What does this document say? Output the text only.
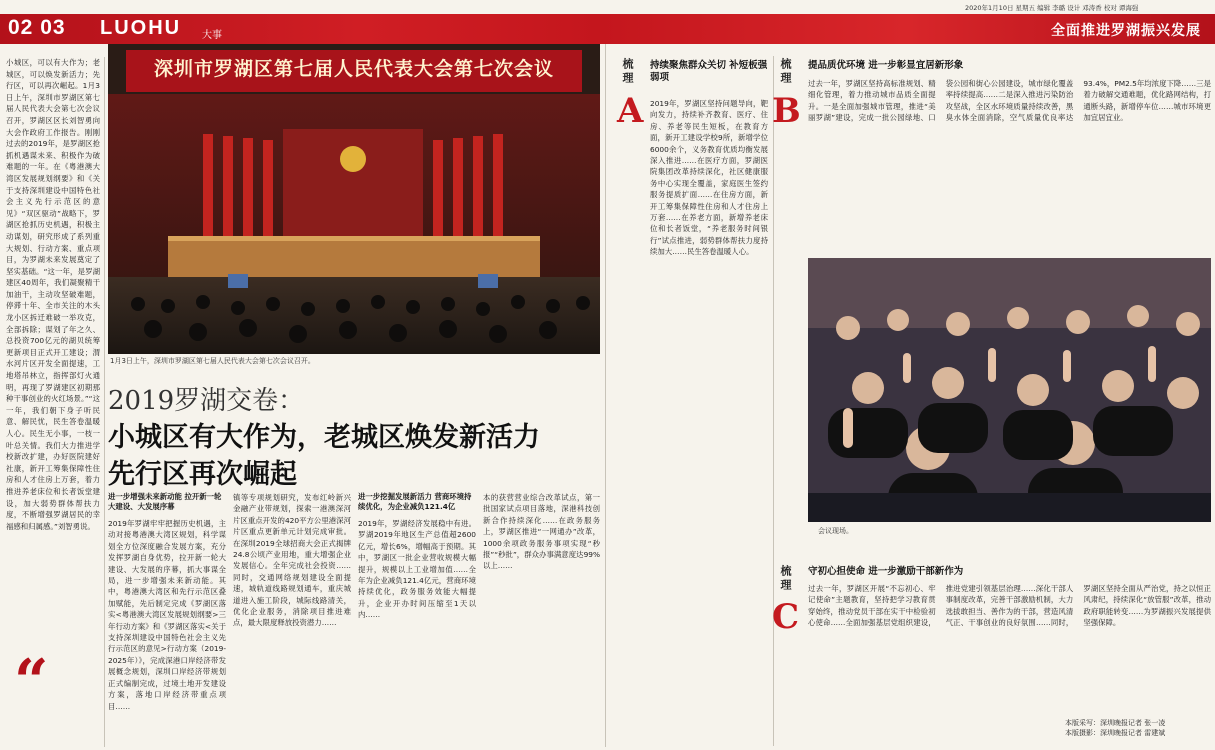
2020年1月10日 星期五 编辑 李璐 设计 邓涛香 校对 谭海强
02 03 LUOHU 大事	全面推进罗湖振兴发展
小城区，可以有大作为；老城区，可以焕发新活力；先行区，可以再次崛起。1月3日上午，深圳市罗湖区第七届人民代表大会第七次会议召开，罗湖区区长刘智勇向大会作政府工作报告。刚刚过去的2019年，是罗湖区抢抓机遇谋未来、积极作为破难题的一年。在《粤港澳大湾区发展规划纲要》和《关于支持深圳建设中国特色社会主义先行示范区的意见》“双区驱动”战略下，罗湖区抢抓历史机遇，积极主动谋划，研究形成了系列重大规划、行动方案、重点项目，为罗湖未来发展奠定了坚实基础。“这一年，是罗湖建区40周年，我们凝聚精干加油干，主动攻坚破难题，停滞十年、全市关注的木头龙小区拆迁难破一举攻克，全部拆除；谋划了年之久、总投资700亿元的湖贝统筹更新项目正式开工建设；渭水河片区开发全面提速，工地塔吊林立，指挥部灯火通明，再现了罗湖建区初期那种干事创业的火红场景。”“这一年，我们朝下身子听民意、解民忧，民生答卷温暖人心。民生无小事，一枝一叶总关情。我们大力推进学校新改扩建，办好医院建好社康，新开工筹集保障性住房和人才住房上万套，着力推进养老床位和长者饭堂建设，加大弱势群体帮扶力度，不断增强罗湖居民的幸福感和归属感。”刘智勇说。
“
深圳市罗湖区第七届人民代表大会第七次会议
1月3日上午，深圳市罗湖区第七届人民代表大会第七次会议召开。
2019罗湖交卷：
小城区有大作为，老城区焕发新活力
先行区再次崛起
进一步增强未来新动能 拉开新一轮大建设、大发展序幕
2019年罗湖牢牢把握历史机遇，主动对接粤港澳大湾区规划，科学谋划全方位深度融合发展方案，充分发挥罗湖自身优势，拉开新一轮大建设、大发展的序幕，抓大事谋全局，进一步增强未来新动能。其中，粤港澳大湾区和先行示范区叠加赋能，先后制定完成《罗湖区落实<粤港澳大湾区发展规划纲要>三年行动方案》和《罗湖区落实<关于支持深圳建设中国特色社会主义先行示范区的意见>行动方案（2019-2025年）》，完成深港口岸经济带发展概念规划，深圳口岸经济带规划正式编制完成，过境土地开发建设方案，落地口岸经济带重点项目……
镇等专项规划研究，发布红岭新兴金融产业带规划，探索一港澳深河片区重点开发的420平方公里港深河片区重点更新单元计划完成审批。在深圳2019全球招商大会正式揭牌24.8公顷产业用地，重大增强企业发展信心。全年完成社会投资……同时，交通网络规划建设全面提速，城轨道线路规划通车，重庆城道进入施工阶段，城际线路清关，优化企业服务，消除项目推进难点，最大限度释放投资潜力……
进一步挖掘发展新活力 营商环境持续优化，为企业减负121.4亿
2019年，罗湖经济发展稳中有进。罗湖2019年地区生产总值超2600亿元，增长6%，增幅高于预期。其中，罗湖区一批企业营收规模大幅提升，规模以上工业增加值……全年为企业减负121.4亿元，营商环境持续优化，政务服务效能大幅提升，企业开办时间压缩至1天以内……
本的获营营业综合改革试点，第一批国家试点项目落地，深港科技创新合作持续深化……在政务服务上，罗湖区推进“一网通办”改革，1000余项政务服务事项实现“秒报”“秒批”，群众办事满意度达99%以上……
梳理
A
持续聚焦群众关切 补短板强弱项
2019年，罗湖区坚持问题导向，靶向发力，持续补齐教育、医疗、住房、养老等民生短板，在教育方面，新开工建设学校9所，新增学位6000余个，义务教育优质均衡发展深入推进……在医疗方面，罗湖医院集团改革持续深化，社区健康服务中心实现全覆盖，家庭医生签约服务提质扩面……在住房方面，新开工筹集保障性住房和人才住房上万套……在养老方面，新增养老床位和长者饭堂，“养老服务时间银行”试点推进，弱势群体帮扶力度持续加大……民生答卷温暖人心。
梳理
B
提品质优环境 进一步彰显宜居新形象
过去一年，罗湖区坚持高标准规划、精细化管理，着力推动城市品质全面提升。一是全面加强城市管理，推进“美丽罗湖”建设，完成一批公园绿地、口袋公园和街心公园建设，城市绿化覆盖率持续提高……二是深入推进污染防治攻坚战，全区水环境质量持续改善，黑臭水体全面消除，空气质量优良率达93.4%，PM2.5年均浓度下降……三是着力破解交通难题，优化路网结构，打通断头路，新增停车位……城市环境更加宜居宜业。
会议现场。
梳理
C
守初心担使命 进一步激励干部新作为
过去一年，罗湖区开展“不忘初心、牢记使命”主题教育，坚持把学习教育贯穿始终，推动党员干部在实干中检验初心使命……全面加强基层党组织建设，推进党建引领基层治理……深化干部人事制度改革，完善干部激励机制，大力选拔敢担当、善作为的干部，营造风清气正、干事创业的良好氛围……同时，罗湖区坚持全面从严治党，持之以恒正风肃纪，持续深化“放管服”改革，推动政府职能转变……为罗湖振兴发展提供坚强保障。
本版采写：深圳晚报记者 张一凌
本版摄影：深圳晚报记者 雷建斌
